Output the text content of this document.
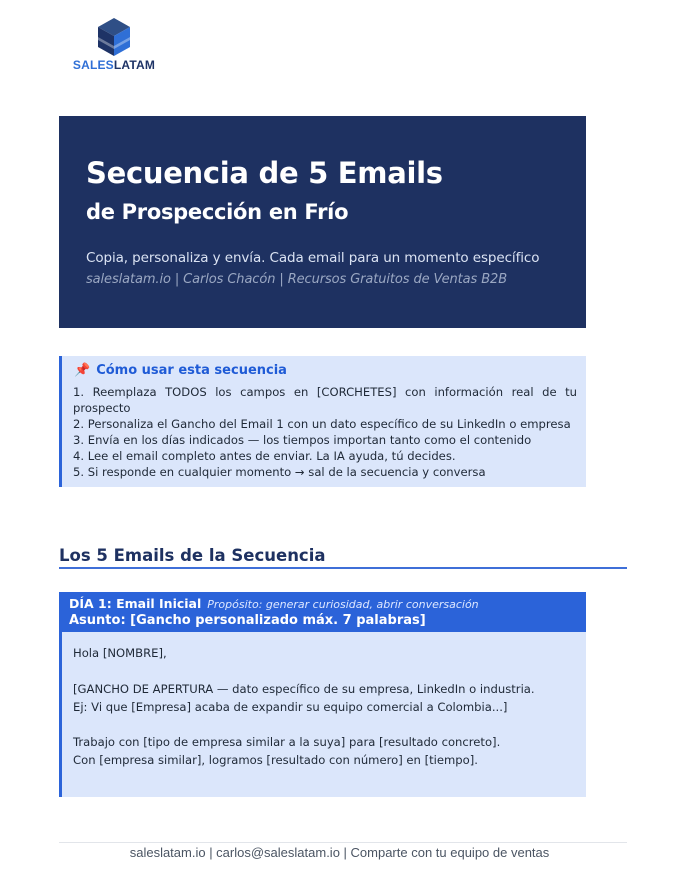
SALESLATAM
Secuencia de 5 Emails
de Prospección en Frío
Copia, personaliza y envía. Cada email para un momento específico
saleslatam.io | Carlos Chacón | Recursos Gratuitos de Ventas B2B
📌 Cómo usar esta secuencia
1. Reemplaza TODOS los campos en [CORCHETES] con información real de tu prospecto
2. Personaliza el Gancho del Email 1 con un dato específico de su LinkedIn o empresa
3. Envía en los días indicados — los tiempos importan tanto como el contenido
4. Lee el email completo antes de enviar. La IA ayuda, tú decides.
5. Si responde en cualquier momento → sal de la secuencia y conversa
Los 5 Emails de la Secuencia
DÍA 1: Email Inicial Propósito: generar curiosidad, abrir conversación
Asunto: [Gancho personalizado máx. 7 palabras]
Hola [NOMBRE],
[GANCHO DE APERTURA — dato específico de su empresa, LinkedIn o industria.
Ej: Vi que [Empresa] acaba de expandir su equipo comercial a Colombia...]
Trabajo con [tipo de empresa similar a la suya] para [resultado concreto].
Con [empresa similar], logramos [resultado con número] en [tiempo].
saleslatam.io | carlos@saleslatam.io | Comparte con tu equipo de ventas
